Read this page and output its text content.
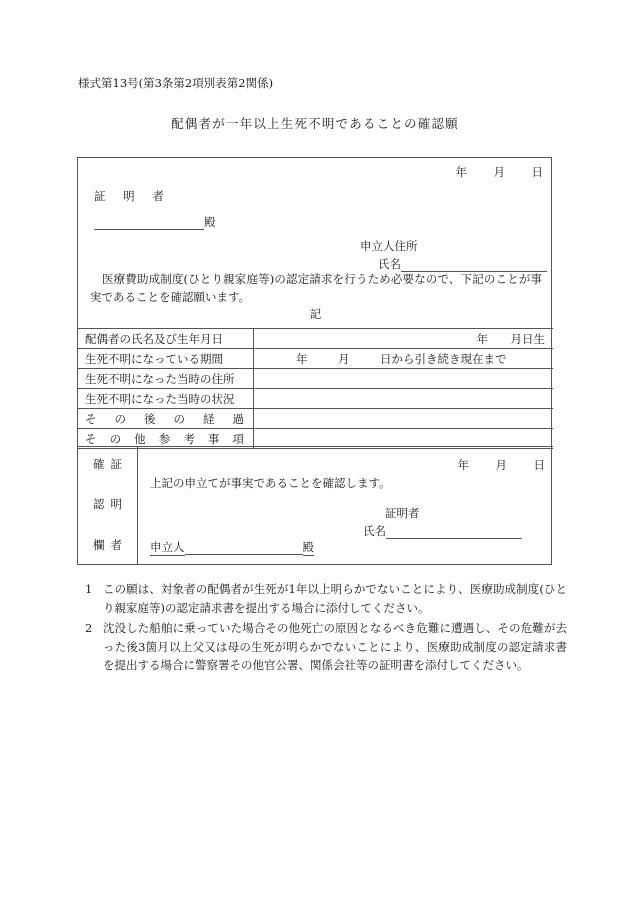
様式第13号(第3条第2項別表第2関係)
配偶者が一年以上生死不明であることの確認願
年 月 日
証 明 者
殿
申立人住所
氏名
医療費助成制度(ひとり親家庭等)の認定請求を行うため必要なので、下記のことが事実であることを確認願います。
記
配偶者の氏名及び生年月日	年 月日生

生死不明になっている期間	年 月 日から引き続き現在まで

生死不明になった当時の住所	
生死不明になった当時の状況	
その後の経過	
その他参考事項	
確
認
欄
証
明
者
年 月 日
上記の申立てが事実であることを確認します。
証明者
氏名
申立人	殿
1 この願は、対象者の配偶者が生死が1年以上明らかでないことにより、医療助成制度(ひとり親家庭等)の認定請求書を提出する場合に添付してください。
2 沈没した船舶に乗っていた場合その他死亡の原因となるべき危難に遭遇し、その危難が去った後3箇月以上父又は母の生死が明らかでないことにより、医療助成制度の認定請求書を提出する場合に警察署その他官公署、関係会社等の証明書を添付してください。
